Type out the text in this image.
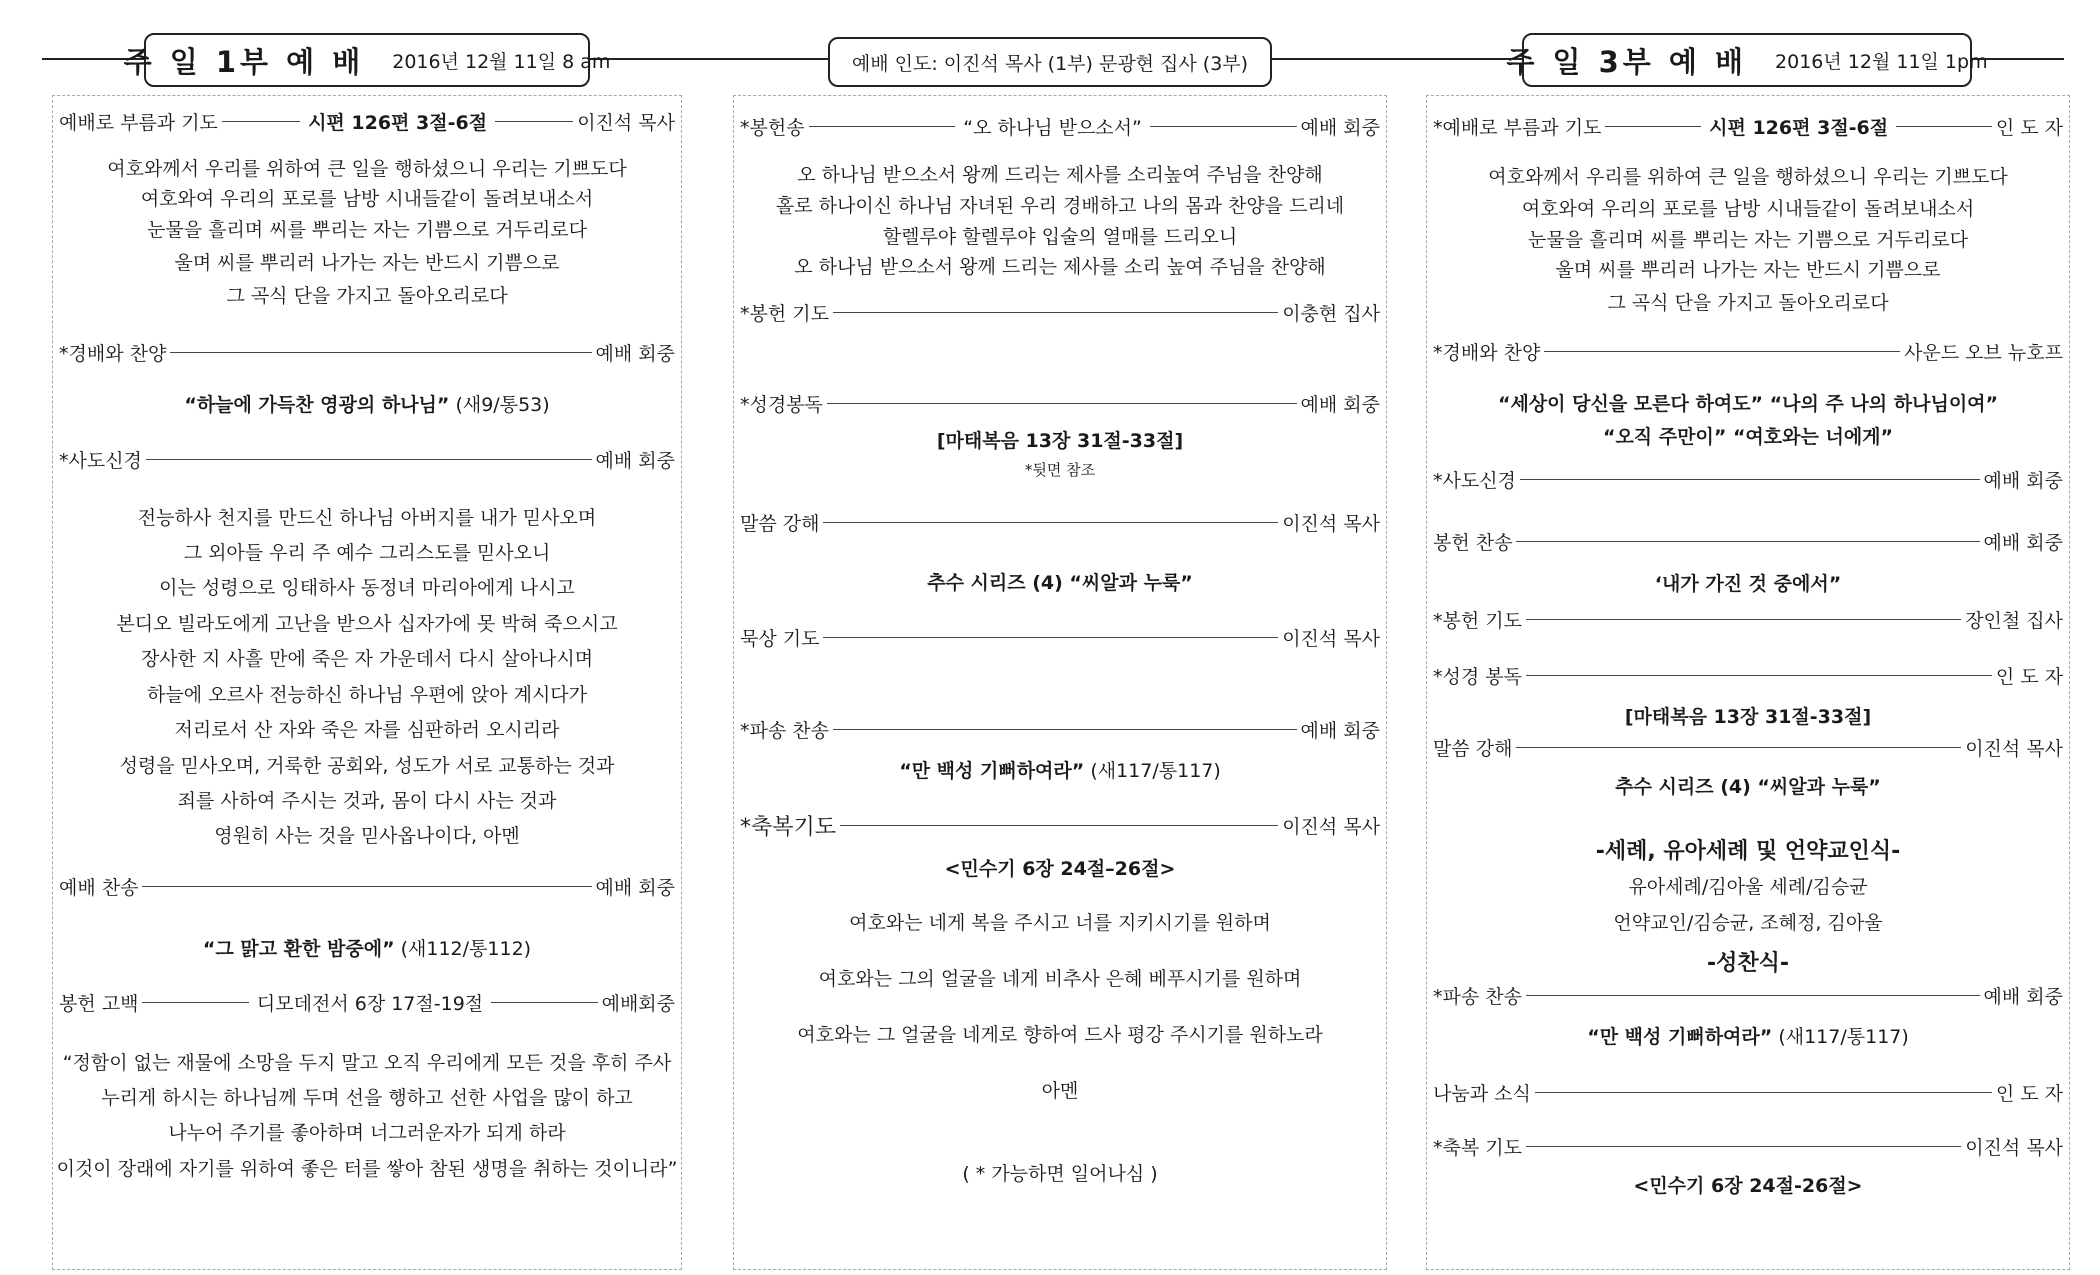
주 일 1부 예 배 2016년 12월 11일 8 am	예배 인도: 이진석 목사 (1부) 문광현 집사 (3부)	주 일 3부 예 배 2016년 12월 11일 1pm
예배로 부름과 기도	시편 126편 3절-6절	이진석 목사
여호와께서 우리를 위하여 큰 일을 행하셨으니 우리는 기쁘도다
여호와여 우리의 포로를 남방 시내들같이 돌려보내소서
눈물을 흘리며 씨를 뿌리는 자는 기쁨으로 거두리로다
울며 씨를 뿌리러 나가는 자는 반드시 기쁨으로
그 곡식 단을 가지고 돌아오리로다
*경배와 찬양	예배 회중
“하늘에 가득찬 영광의 하나님” (새9/통53)
*사도신경	예배 회중
전능하사 천지를 만드신 하나님 아버지를 내가 믿사오며
그 외아들 우리 주 예수 그리스도를 믿사오니
이는 성령으로 잉태하사 동정녀 마리아에게 나시고
본디오 빌라도에게 고난을 받으사 십자가에 못 박혀 죽으시고
장사한 지 사흘 만에 죽은 자 가운데서 다시 살아나시며
하늘에 오르사 전능하신 하나님 우편에 앉아 계시다가
저리로서 산 자와 죽은 자를 심판하러 오시리라
성령을 믿사오며, 거룩한 공회와, 성도가 서로 교통하는 것과
죄를 사하여 주시는 것과, 몸이 다시 사는 것과
영원히 사는 것을 믿사옵나이다, 아멘
예배 찬송	예배 회중
“그 맑고 환한 밤중에” (새112/통112)
봉헌 고백	디모데전서 6장 17절-19절	예배회중
“정함이 없는 재물에 소망을 두지 말고 오직 우리에게 모든 것을 후히 주사
누리게 하시는 하나님께 두며 선을 행하고 선한 사업을 많이 하고
나누어 주기를 좋아하며 너그러운자가 되게 하라
이것이 장래에 자기를 위하여 좋은 터를 쌓아 참된 생명을 취하는 것이니라”
*봉헌송	“오 하나님 받으소서”	예배 회중
오 하나님 받으소서 왕께 드리는 제사를 소리높여 주님을 찬양해
홀로 하나이신 하나님 자녀된 우리 경배하고 나의 몸과 찬양을 드리네
할렐루야 할렐루야 입술의 열매를 드리오니
오 하나님 받으소서 왕께 드리는 제사를 소리 높여 주님을 찬양해
*봉헌 기도	이충현 집사
*성경봉독	예배 회중
[마태복음 13장 31절-33절]
*뒷면 참조
말씀 강해	이진석 목사
추수 시리즈 (4) “씨알과 누룩”
묵상 기도	이진석 목사
*파송 찬송	예배 회중
“만 백성 기뻐하여라” (새117/통117)
*축복기도	이진석 목사
<민수기 6장 24절–26절>
여호와는 네게 복을 주시고 너를 지키시기를 원하며
여호와는 그의 얼굴을 네게 비추사 은혜 베푸시기를 원하며
여호와는 그 얼굴을 네게로 향하여 드사 평강 주시기를 원하노라
아멘
( * 가능하면 일어나심 )
*예배로 부름과 기도	시편 126편 3절-6절	인 도 자
여호와께서 우리를 위하여 큰 일을 행하셨으니 우리는 기쁘도다
여호와여 우리의 포로를 남방 시내들같이 돌려보내소서
눈물을 흘리며 씨를 뿌리는 자는 기쁨으로 거두리로다
울며 씨를 뿌리러 나가는 자는 반드시 기쁨으로
그 곡식 단을 가지고 돌아오리로다
*경배와 찬양	사운드 오브 뉴호프
“세상이 당신을 모른다 하여도” “나의 주 나의 하나님이여”
“오직 주만이” “여호와는 너에게”
*사도신경	예배 회중
봉헌 찬송	예배 회중
‘내가 가진 것 중에서”
*봉헌 기도	장인철 집사
*성경 봉독	인 도 자
[마태복음 13장 31절-33절]
말씀 강해	이진석 목사
추수 시리즈 (4) “씨알과 누룩”
-세례, 유아세례 및 언약교인식-
유아세례/김아울 세례/김승균
언약교인/김승균, 조혜정, 김아울
-성찬식-
*파송 찬송	예배 회중
“만 백성 기뻐하여라” (새117/통117)
나눔과 소식	인 도 자
*축복 기도	이진석 목사
<민수기 6장 24절-26절>
